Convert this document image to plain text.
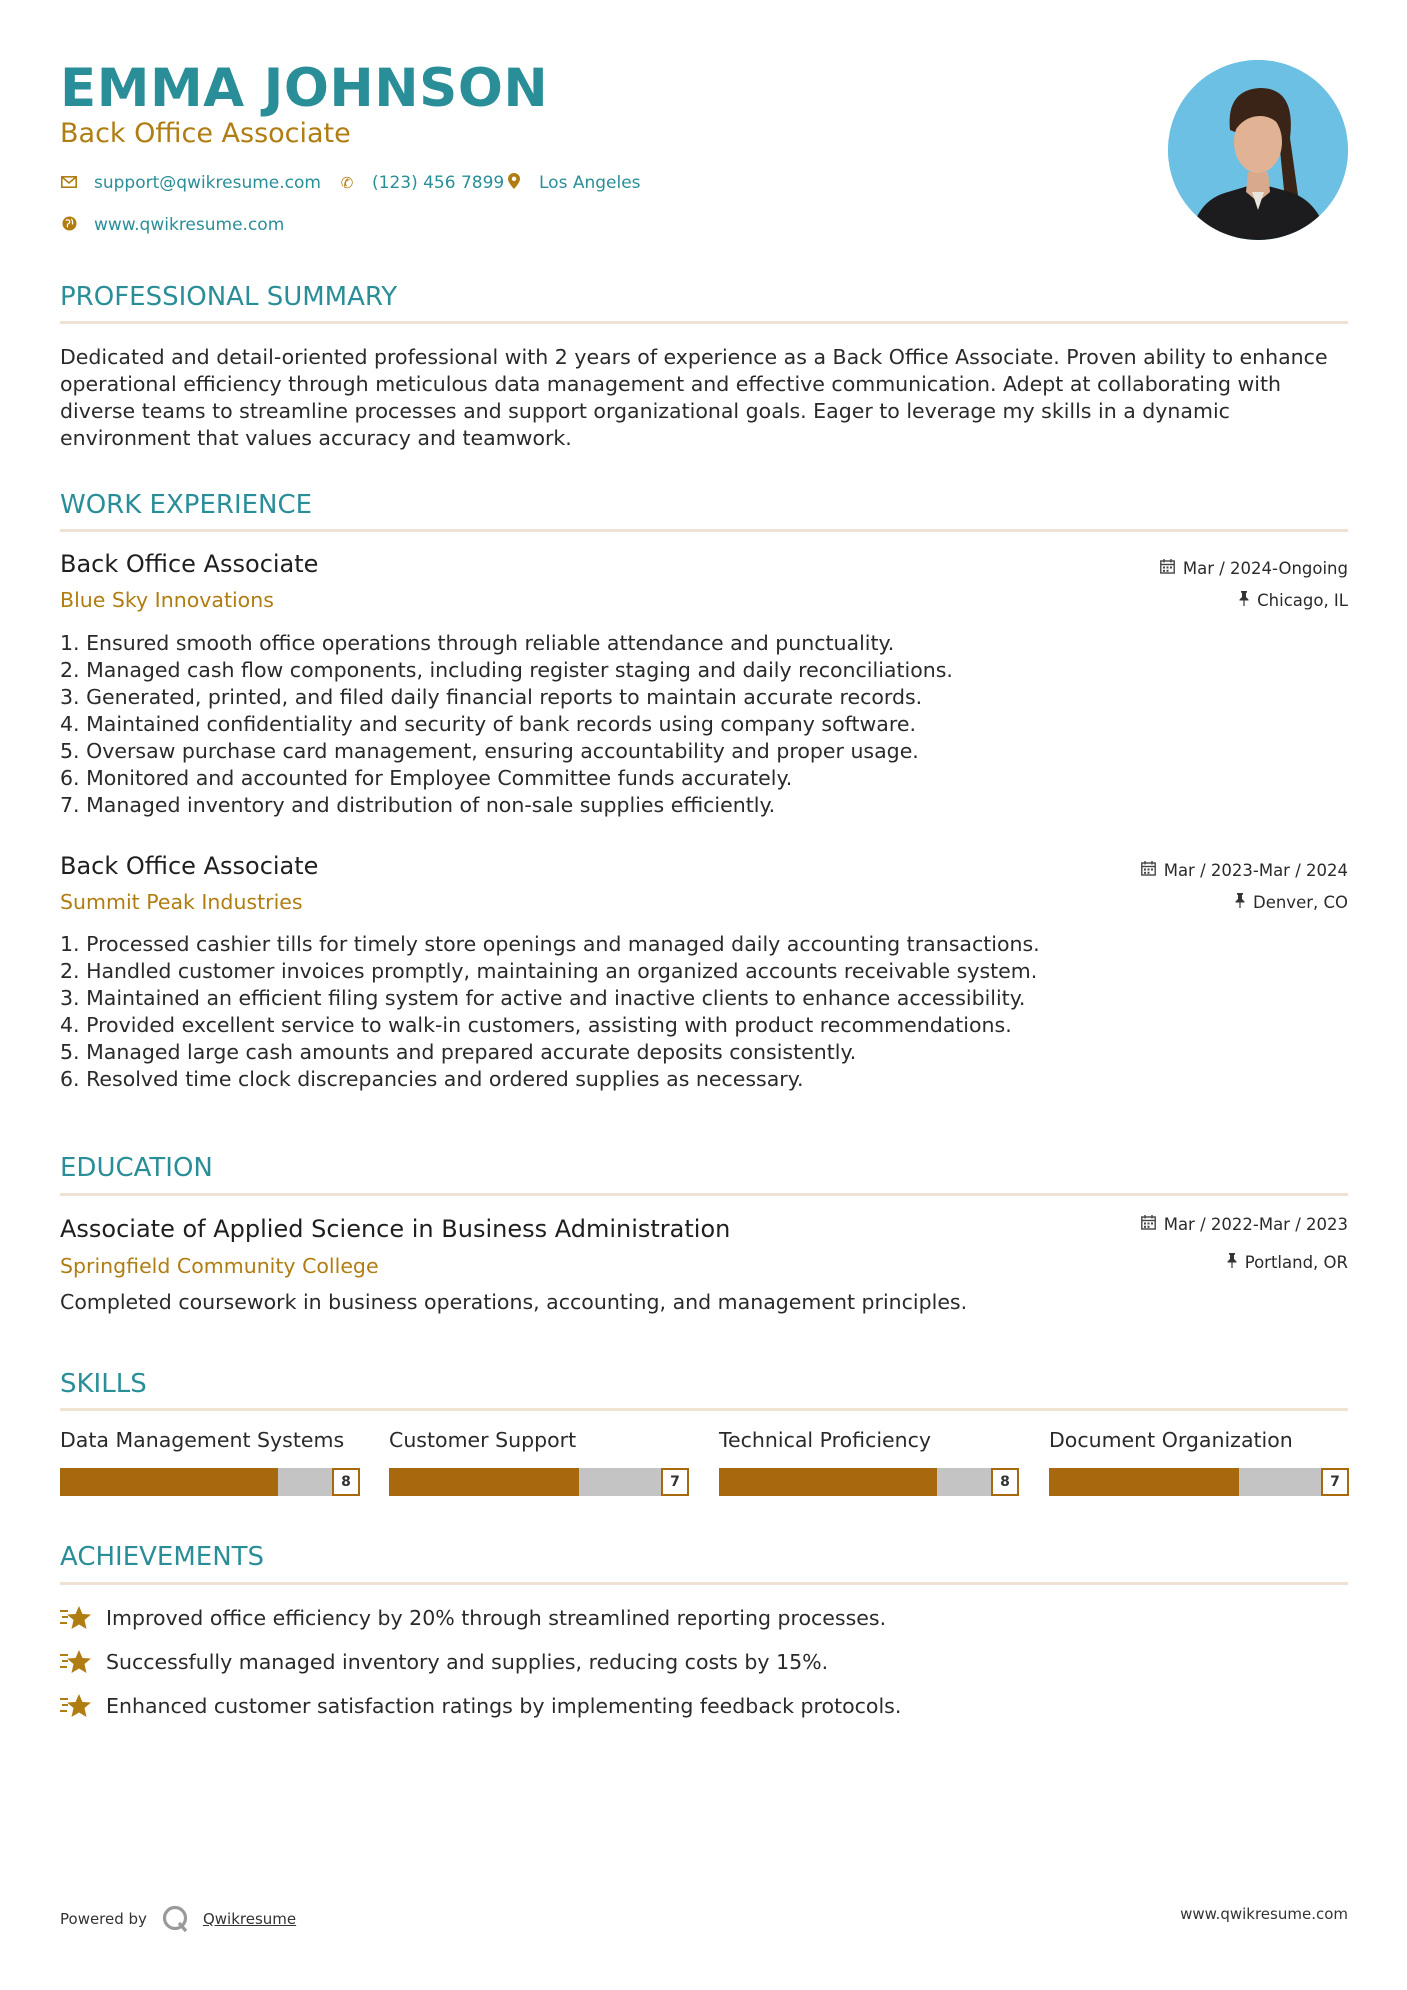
EMMA JOHNSON
Back Office Associate
support@qwikresume.com ✆ (123) 456 7899 Los Angeles
www.qwikresume.com
PROFESSIONAL SUMMARY
Dedicated and detail-oriented professional with 2 years of experience as a Back Office Associate. Proven ability to enhance
operational efficiency through meticulous data management and effective communication. Adept at collaborating with
diverse teams to streamline processes and support organizational goals. Eager to leverage my skills in a dynamic
environment that values accuracy and teamwork.
WORK EXPERIENCE
Back Office Associate
Blue Sky Innovations
Mar / 2024-Ongoing
Chicago, IL
1. Ensured smooth office operations through reliable attendance and punctuality.
2. Managed cash flow components, including register staging and daily reconciliations.
3. Generated, printed, and filed daily financial reports to maintain accurate records.
4. Maintained confidentiality and security of bank records using company software.
5. Oversaw purchase card management, ensuring accountability and proper usage.
6. Monitored and accounted for Employee Committee funds accurately.
7. Managed inventory and distribution of non-sale supplies efficiently.
Back Office Associate
Summit Peak Industries
Mar / 2023-Mar / 2024
Denver, CO
1. Processed cashier tills for timely store openings and managed daily accounting transactions.
2. Handled customer invoices promptly, maintaining an organized accounts receivable system.
3. Maintained an efficient filing system for active and inactive clients to enhance accessibility.
4. Provided excellent service to walk-in customers, assisting with product recommendations.
5. Managed large cash amounts and prepared accurate deposits consistently.
6. Resolved time clock discrepancies and ordered supplies as necessary.
EDUCATION
Associate of Applied Science in Business Administration
Springfield Community College
Mar / 2022-Mar / 2023
Portland, OR
Completed coursework in business operations, accounting, and management principles.
SKILLS
Data Management Systems
8
Customer Support
7
Technical Proficiency
8
Document Organization
7
ACHIEVEMENTS
Improved office efficiency by 20% through streamlined reporting processes.
Successfully managed inventory and supplies, reducing costs by 15%.
Enhanced customer satisfaction ratings by implementing feedback protocols.
Powered by	Qwikresume	www.qwikresume.com
